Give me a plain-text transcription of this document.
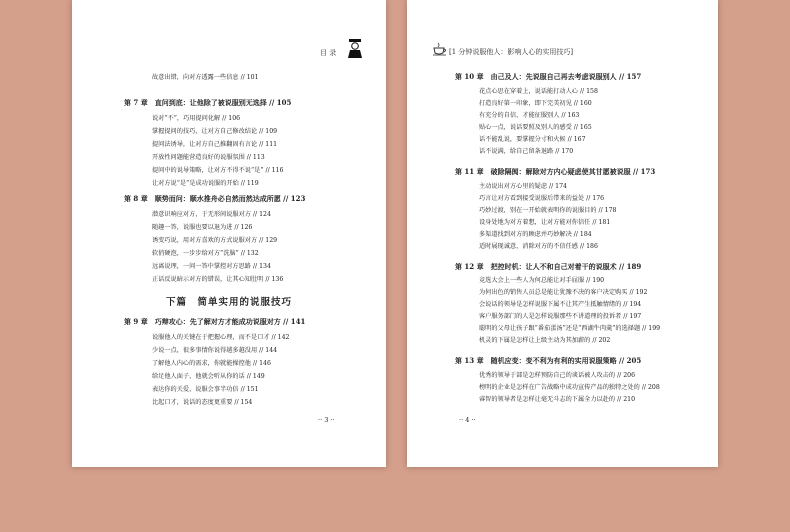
目 录
故意出错，向对方透露一些信息 // 101
第 7 章　直问到底：让他除了被说服别无选择 // 105
说对“不”，巧用提问化解 // 106
掌握提问的技巧，让对方自己修改结论 // 109
提问法诱导，让对方自己推翻固有言论 // 111
开放性问题能营造良好的说服氛围 // 113
提问中的说导策略，让对方不得不说“是” // 116
让对方说“是”是成功说服的开始 // 119
第 8 章　顺势而问：顺水推舟必自然而然达成所愿 // 123
潜意识响应对方，于无形间说服对方 // 124
随趣一答，说服也要以退为进 // 126
诱变巧说，用对方喜欢的方式说服对方 // 129
软俏硬泡，一步步给对方“洗脑” // 132
远离说理，一问一答中掌控对方思路 // 134
正话反说暗示对方的错误，让其心知肚明 // 136
下篇　简单实用的说服技巧
第 9 章　巧辩攻心：先了解对方才能成功说服对方 // 141
说服他人的关键在于把握心理，而不是口才 // 142
少说一点，很多事情你说得越多越没用 // 144
了解他人内心的需求，你就能操控他 // 146
给足他人面子，他就会听从你的话 // 149
表达你的关爱，说服会事半功倍 // 151
比起口才，说话的态度更重要 // 154
·· 3 ··
[1 分钟说服他人：影响人心的实用技巧]
第 10 章　由己及人：先说服自己再去考虑说服别人 // 157
花点心思在穿着上，说话能打动人心 // 158
打造良好第一印象，即下完美初见 // 160
有充分的自信，才能征服别人 // 163
贴心一点，说话要照及别人的感受 // 165
话不能乱说，要掌握分寸和火候 // 167
话不说满，给自己留条退路 // 170
第 11 章　破除隔阂：解除对方内心疑虑使其甘愿被说服 // 173
主动说出对方心里的疑虑 // 174
巧言让对方看到接受说服后带来的益处 // 176
巧妙过渡，别在一开始就表明你的说服目的 // 178
设身处地为对方着想，让对方能对你信任 // 181
多渠道找到对方的顾虑并巧妙解决 // 184
适时展现诚意，消除对方的不信任感 // 186
第 12 章　把控时机：让人不和自己对着干的说服术 // 189
竞选大会上一些人为何总能让对手屈服 // 190
为何出色的销售人员总是能让犹豫不决的客户决定购买 // 192
会说话的领导是怎样说服下属不让其产生抵触情绪的 // 194
客户服务部门的人是怎样说服那些不讲道理的投诉者 // 197
聪明的父母让孩子跟“番茄蛋汤”还是“西湖牛肉羹”的选择题 // 199
机灵的下属是怎样让上级主动为其加薪的 // 202
第 13 章　随机应变：变不利为有利的实用说服策略 // 205
优秀的领导于部是怎样预防自己的谈话被人攻击的 // 206
榜明的企业是怎样在广告战略中成功宣传产品的独特之处的 // 208
睿智的领导者是怎样让毫无斗志的下属全力以赴的 // 210
·· 4 ··
